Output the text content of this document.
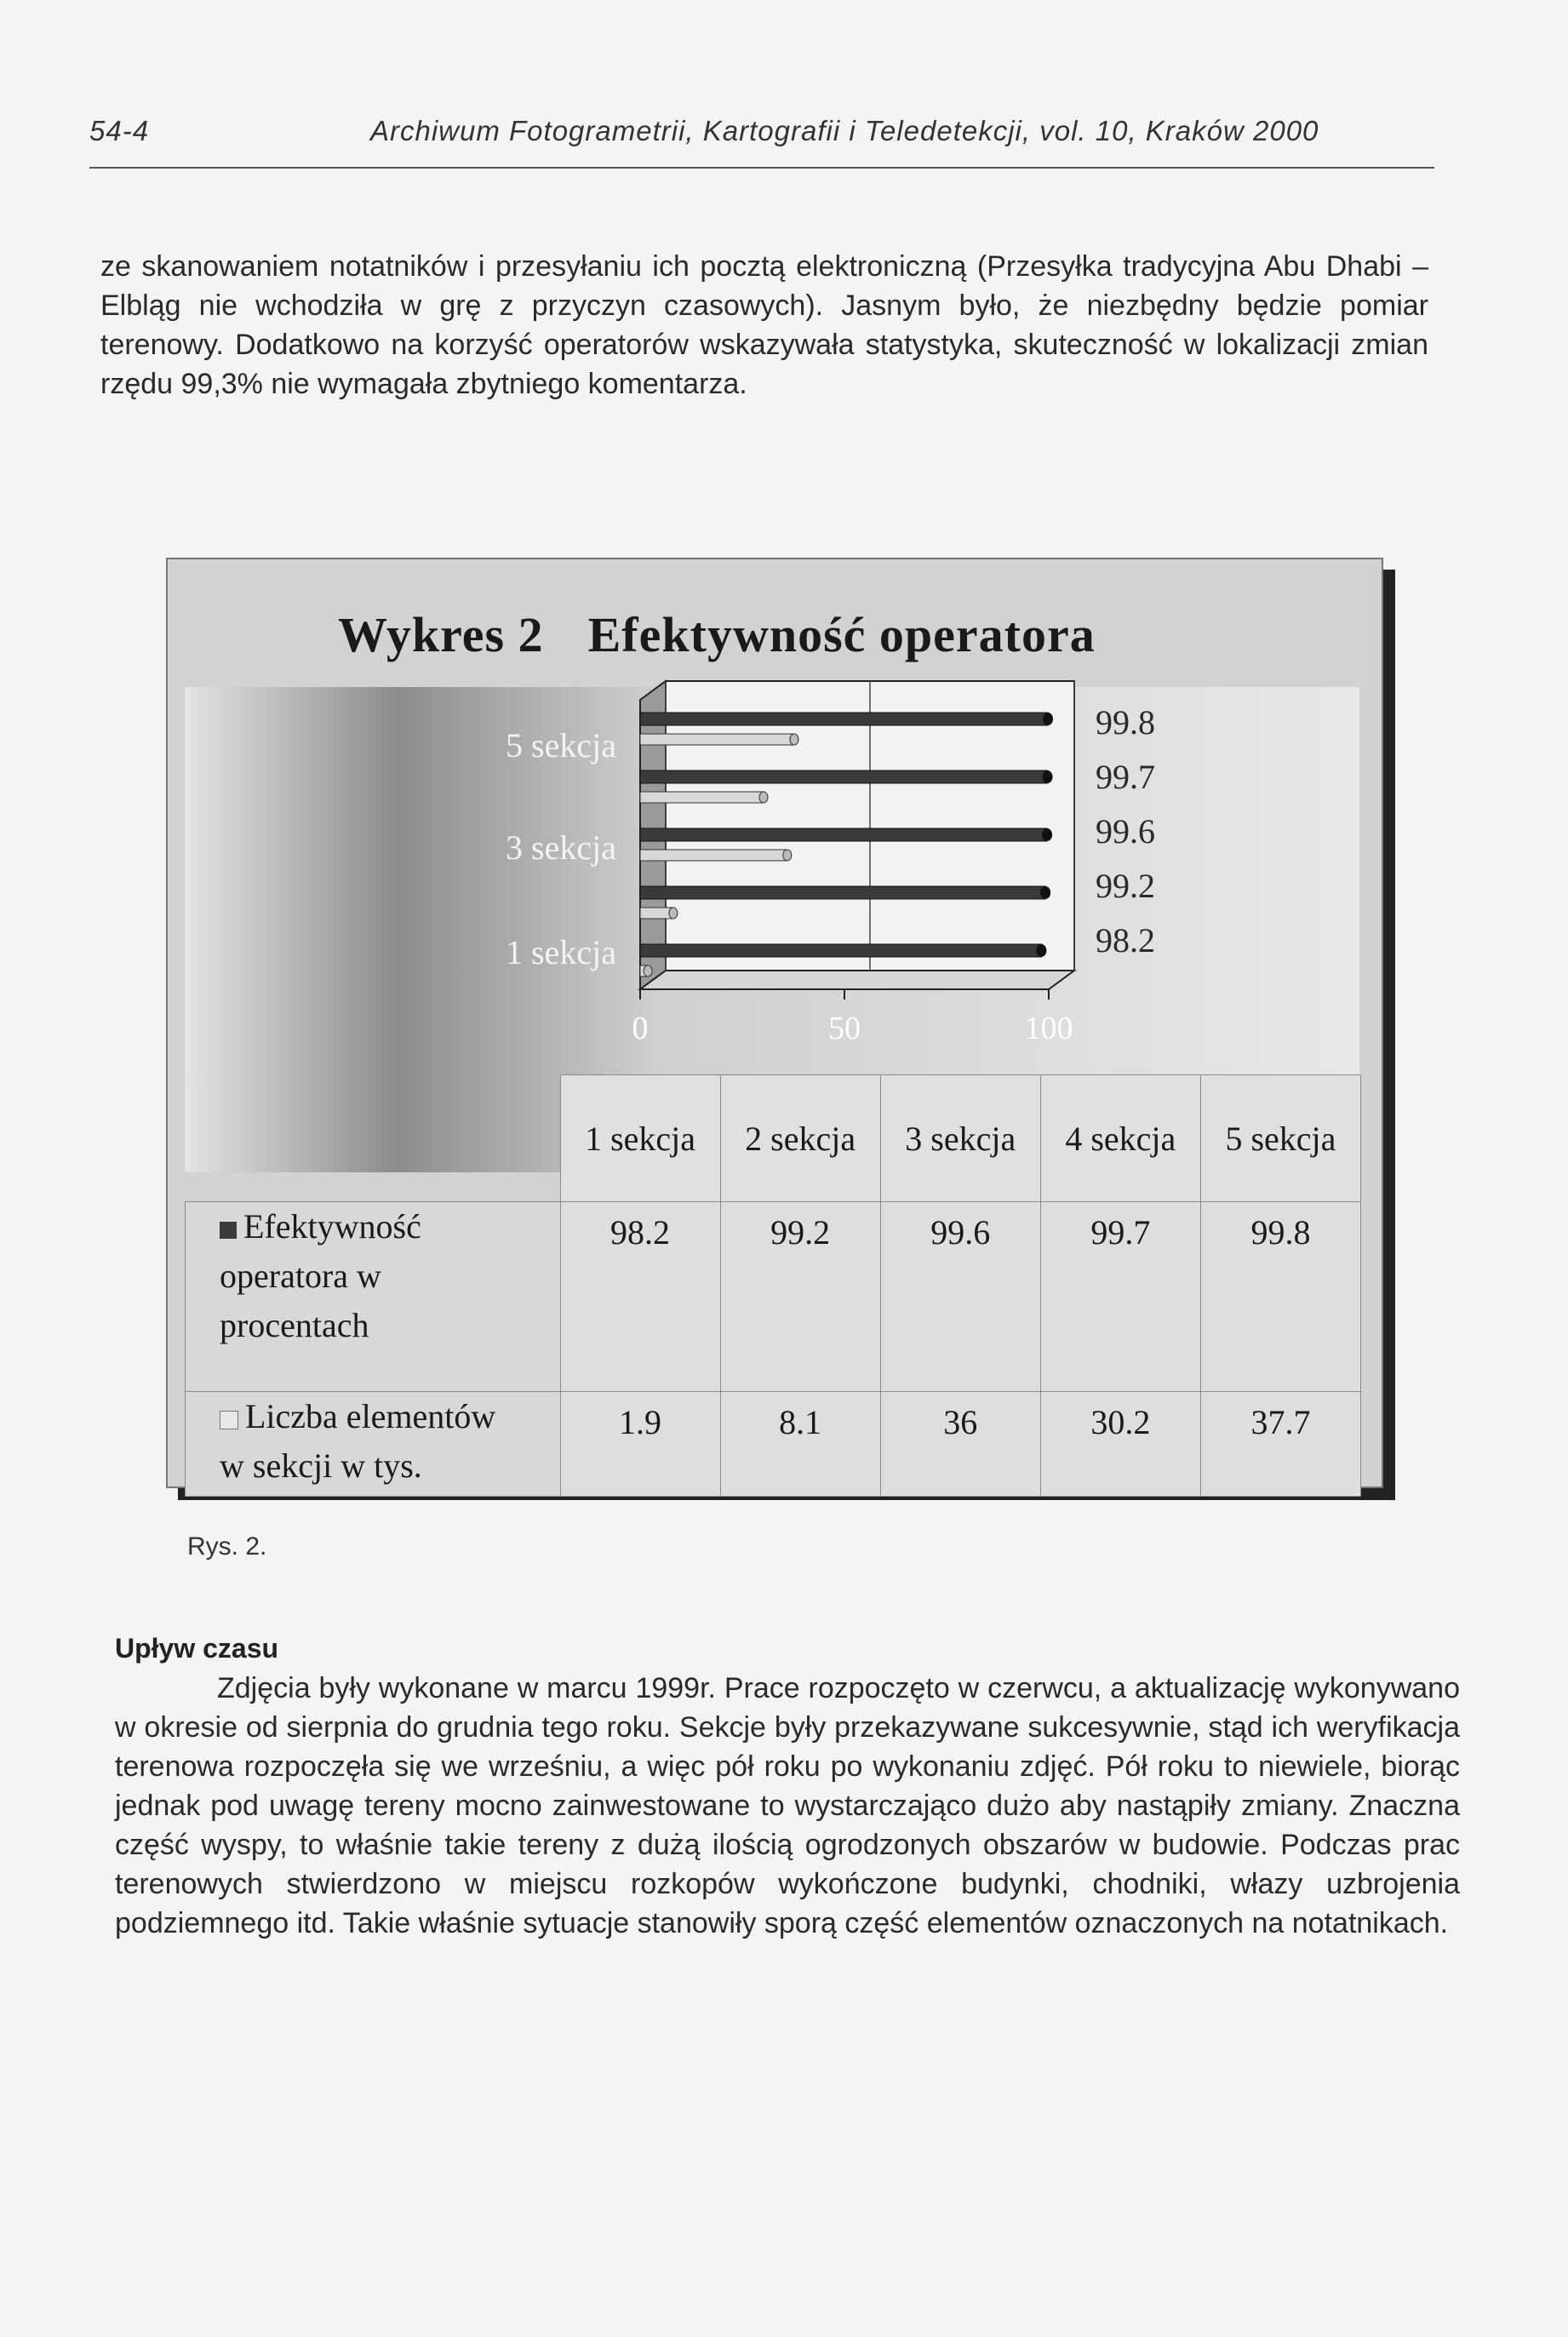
54-4	Archiwum Fotogrametrii, Kartografii i Teledetekcji, vol. 10, Kraków 2000

ze skanowaniem notatników i przesyłaniu ich pocztą elektroniczną (Przesyłka tradycyjna Abu Dhabi – Elbląg nie wchodziła w grę z przyczyn czasowych). Jasnym było, że niezbędny będzie pomiar terenowy. Dodatkowo na korzyść operatorów wskazywała statystyka, skuteczność w lokalizacji zmian rzędu 99,3% nie wymagała zbytniego komentarza.

Wykres 2 Efektywność operatora
0	50	100
99.8
99.7
99.6
99.2
98.2
5 sekcja
3 sekcja
1 sekcja
	1 sekcja	2 sekcja	3 sekcja	4 sekcja	5 sekcja
Efektywność
operatora w
procentach	98.2	99.2	99.6	99.7	99.8
Liczba elementów
w sekcji w tys.	1.9	8.1	36	30.2	37.7
Rys. 2.
Upływ czasu

Zdjęcia były wykonane w marcu 1999r. Prace rozpoczęto w czerwcu, a aktualizację wykonywano w okresie od sierpnia do grudnia tego roku. Sekcje były przekazywane sukcesywnie, stąd ich weryfikacja terenowa rozpoczęła się we wrześniu, a więc pół roku po wykonaniu zdjęć. Pół roku to niewiele, biorąc jednak pod uwagę tereny mocno zainwestowane to wystarczająco dużo aby nastąpiły zmiany. Znaczna część wyspy, to właśnie takie tereny z dużą ilością ogrodzonych obszarów w budowie. Podczas prac terenowych stwierdzono w miejscu rozkopów wykończone budynki, chodniki, włazy uzbrojenia podziemnego itd. Takie właśnie sytuacje stanowiły sporą część elementów oznaczonych na notatnikach.
